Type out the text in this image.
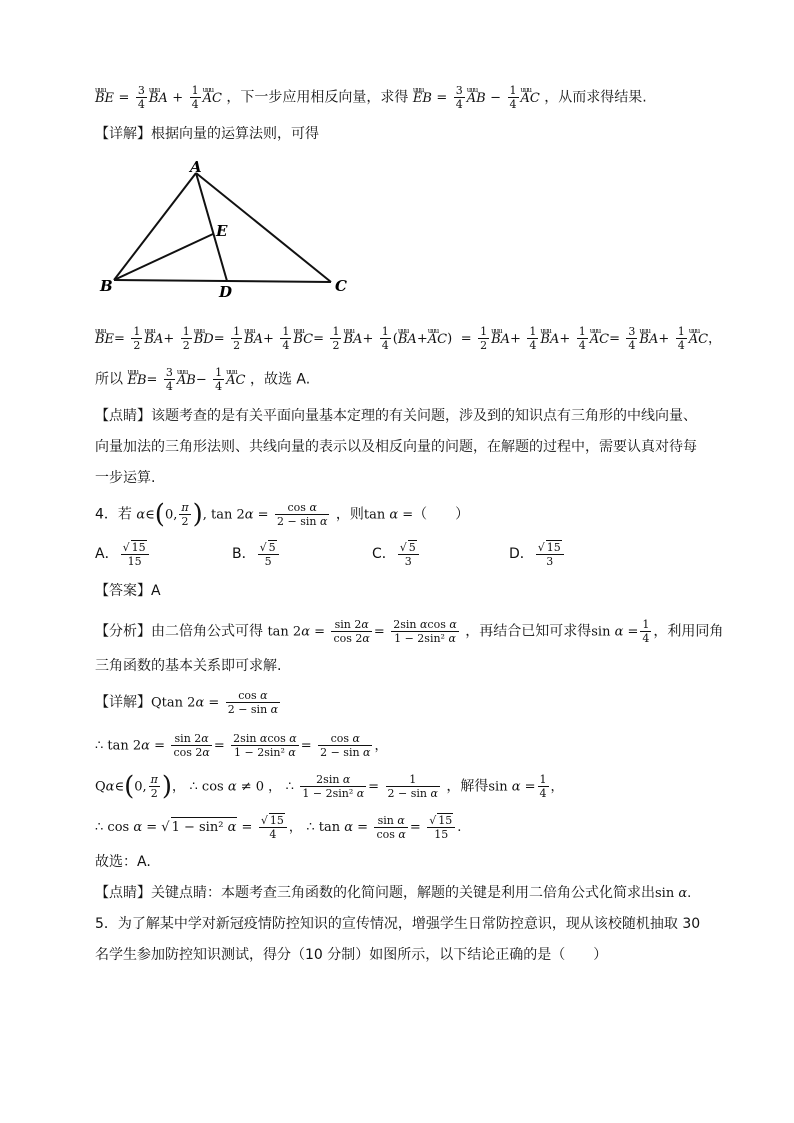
uuu BE = $\frac{3}{4}$ uuu BA + $\frac{1}{4}$ uuu AC ，下一步应用相反向量，求得 uuu EB = $\frac{3}{4}$ uuu AB − $\frac{1}{4}$ uuu AC ，从而求得结果.
【详解】根据向量的运算法则，可得
A
E
B	D	C
uuu $BE= \frac{1}{2}$ uuu $BA+ \frac{1}{2}$ uuu $BD= \frac{1}{2}$ uuu $BA+ \frac{1}{4}$ uuu $BC= \frac{1}{2}$ uuu $BA+ \frac{1}{4} (uuu$ BA+uuu $AC) = \frac{1}{2}$ uuu $BA+ \frac{1}{4}$ uuu $BA+ \frac{1}{4}$ uuu $AC= \frac{3}{4}$ uuu $BA+ \frac{1}{4}$ uuu AC，
所以 uuu $EB= \frac{3}{4}$ uuu $AB- \frac{1}{4}$ uuu AC ，故选 A.
【点睛】该题考查的是有关平面向量基本定理的有关问题，涉及到的知识点有三角形的中线向量、
向量加法的三角形法则、共线向量的表示以及相反向量的问题，在解题的过程中，需要认真对待每
一步运算.
4．若 α∈(0, $\frac{\pi}{2}$ ), $\tan 2\alpha = \frac{\text{cos α}}{\text{2 − sin α}}$ ，则tan α =（　　）
A． √ $\frac{15}{15}$	B． √ $\frac{5}{5}$	C． √ $\frac{5}{3}$	D． √ $\frac{15}{3}$
【答案】A
【分析】由二倍角公式可得 $\tan 2\alpha = \frac{\sin 2\alpha}{\cos 2\alpha} = \frac{\text{2sin αcos α}}{\text{1 − 2sin² α}}$ ，再结合已知可求得$\sin \alpha = \frac{1}{4}$ ，利用同角
三角函数的基本关系即可求解.
【详解】Qtan $2\alpha = \frac{\text{cos α}}{\text{2 − sin α}}$
∴ $\tan 2\alpha = \frac{\sin 2\alpha}{\cos 2\alpha} = \frac{\text{2sin αcos α}}{\text{1 − 2sin² α}} = \frac{\text{cos α}}{\text{2 − sin α}}$ ，
Qα∈(0, $\frac{\pi}{2}$ )， ∴ cos α ≠ 0 ， ∴ $\frac{\text{2sin α}}{\text{1 − 2sin² α}} = \frac{1}{\text{2 − sin α}}$ ，解得$\sin \alpha = \frac{1}{4}$ ，
∴ cos α = √ 1 − sin² α = √ $\frac{15}{4}$ ， ∴ $\tan \alpha = \frac{\text{sin α}}{\text{cos α}}$ = √ $\frac{15}{15}$ .
故选：A.
【点睛】关键点睛：本题考查三角函数的化简问题，解题的关键是利用二倍角公式化简求出sin α.
5．为了解某中学对新冠疫情防控知识的宣传情况，增强学生日常防控意识，现从该校随机抽取 30
名学生参加防控知识测试，得分（10 分制）如图所示，以下结论正确的是（　　）
